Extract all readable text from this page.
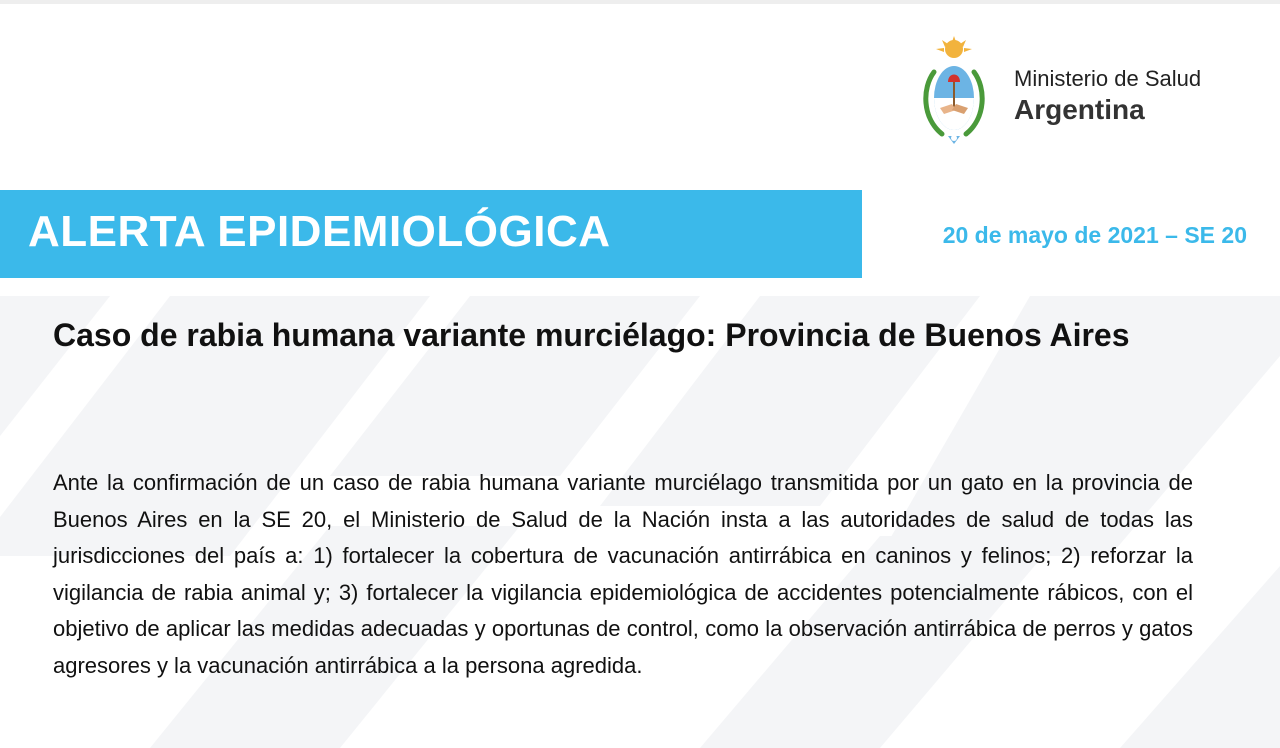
Ministerio de Salud
Argentina
ALERTA EPIDEMIOLÓGICA	20 de mayo de 2021 – SE 20
Caso de rabia humana variante murciélago: Provincia de Buenos Aires
Ante la confirmación de un caso de rabia humana variante murciélago transmitida por un gato en la provincia de Buenos Aires en la SE 20, el Ministerio de Salud de la Nación insta a las autoridades de salud de todas las jurisdicciones del país a: 1) fortalecer la cobertura de vacunación antirrábica en caninos y felinos; 2) reforzar la vigilancia de rabia animal y; 3) fortalecer la vigilancia epidemiológica de accidentes potencialmente rábicos, con el objetivo de aplicar las medidas adecuadas y oportunas de control, como la observación antirrábica de perros y gatos agresores y la vacunación antirrábica a la persona agredida.
